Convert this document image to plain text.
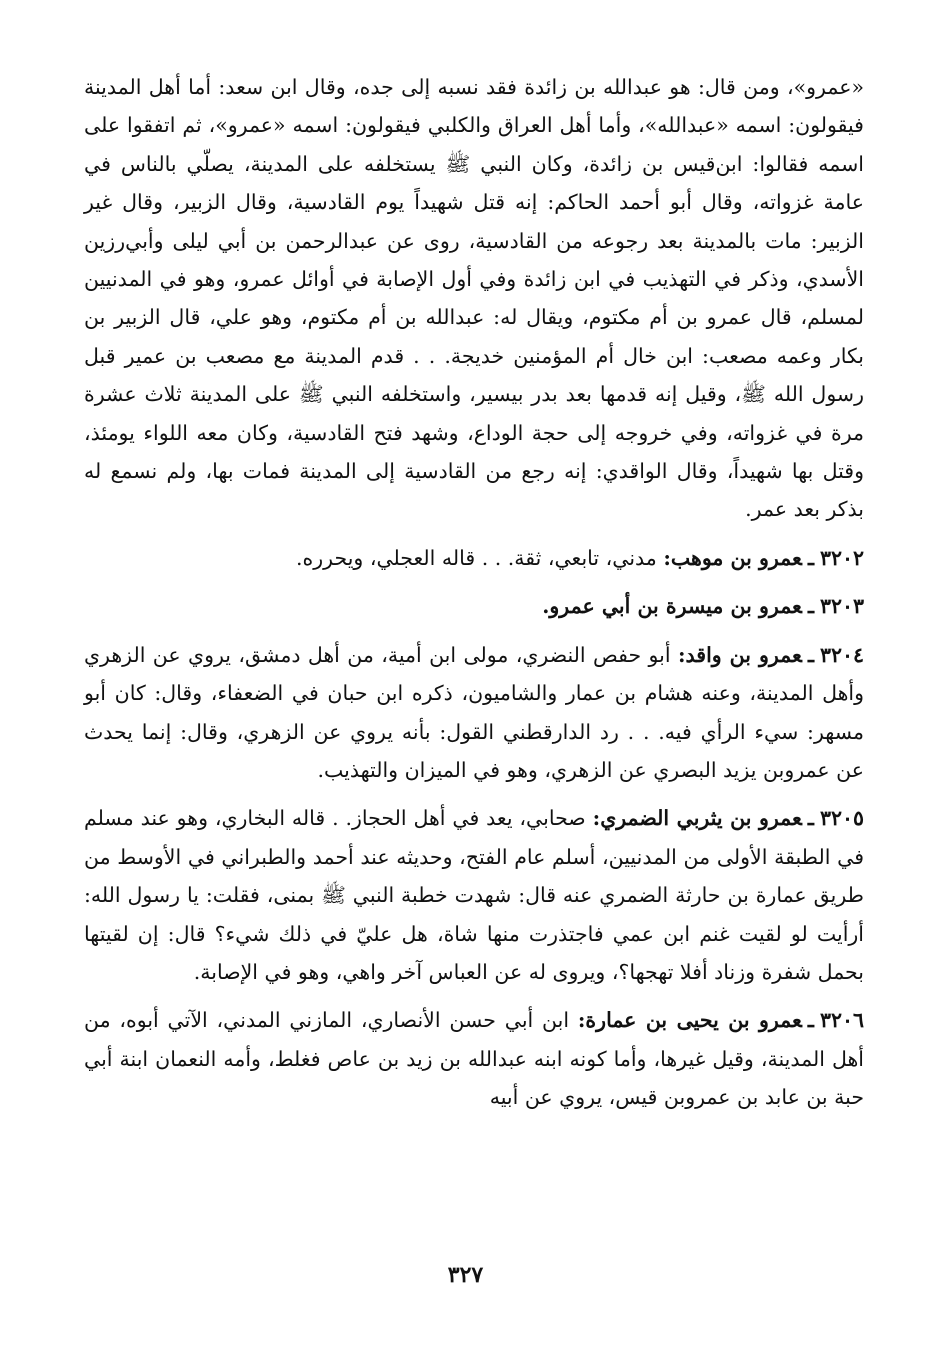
«عمرو»، ومن قال: هو عبدالله بن زائدة فقد نسبه إلى جده، وقال ابن سعد: أما أهل المدينة فيقولون: اسمه «عبدالله»، وأما أهل العراق والكلبي فيقولون: اسمه «عمرو»، ثم اتفقوا على اسمه فقالوا: ابن‌قيس بن زائدة، وكان النبي ﷺ يستخلفه على المدينة، يصلّي بالناس في عامة غزواته، وقال أبو أحمد الحاكم: إنه قتل شهيداً يوم القادسية، وقال الزبير، وقال غير الزبير: مات بالمدينة بعد رجوعه من القادسية، روى عن عبدالرحمن بن أبي ليلى وأبي‌رزين الأسدي، وذكر في التهذيب في ابن زائدة وفي أول الإصابة في أوائل عمرو، وهو في المدنيين لمسلم، قال عمرو بن أم مكتوم، ويقال له: عبدالله بن أم مكتوم، وهو علي، قال الزبير بن بكار وعمه مصعب: ابن خال أم المؤمنين خديجة. . . قدم المدينة مع مصعب بن عمير قبل رسول الله ﷺ، وقيل إنه قدمها بعد بدر بيسير، واستخلفه النبي ﷺ على المدينة ثلاث عشرة مرة في غزواته، وفي خروجه إلى حجة الوداع، وشهد فتح القادسية، وكان معه اللواء يومئذ، وقتل بها شهيداً، وقال الواقدي: إنه رجع من القادسية إلى المدينة فمات بها، ولم نسمع له بذكر بعد عمر.

٣٢٠٢ـعمرو بن موهب: مدني، تابعي، ثقة. . . قاله العجلي، ويحرره.

٣٢٠٣ـعمرو بن ميسرة بن أبي عمرو.

٣٢٠٤ـعمرو بن واقد: أبو حفص النضري، مولى ابن أمية، من أهل دمشق، يروي عن الزهري وأهل المدينة، وعنه هشام بن عمار والشاميون، ذكره ابن حبان في الضعفاء، وقال: كان أبو مسهر: سيء الرأي فيه. . . رد الدارقطني القول: بأنه يروي عن الزهري، وقال: إنما يحدث عن عمروبن يزيد البصري عن الزهري، وهو في الميزان والتهذيب.

٣٢٠٥ـعمرو بن يثربي الضمري: صحابي، يعد في أهل الحجاز. . قاله البخاري، وهو عند مسلم في الطبقة الأولى من المدنيين، أسلم عام الفتح، وحديثه عند أحمد والطبراني في الأوسط من طريق عمارة بن حارثة الضمري عنه قال: شهدت خطبة النبي ﷺ بمنى، فقلت: يا رسول الله: أرأيت لو لقيت غنم ابن عمي فاجتذرت منها شاة، هل عليّ في ذلك شيء؟ قال: إن لقيتها بحمل شفرة وزناد أفلا تهجها؟، ويروى له عن العباس آخر واهي، وهو في الإصابة.

٣٢٠٦ـعمرو بن يحيى بن عمارة: ابن أبي حسن الأنصاري، المازني المدني، الآتي أبوه، من أهل المدينة، وقيل غيرها، وأما كونه ابنه عبدالله بن زيد بن عاص فغلط، وأمه النعمان ابنة أبي حبة بن عابد بن عمروبن قيس، يروي عن أبيه

٣٢٧
